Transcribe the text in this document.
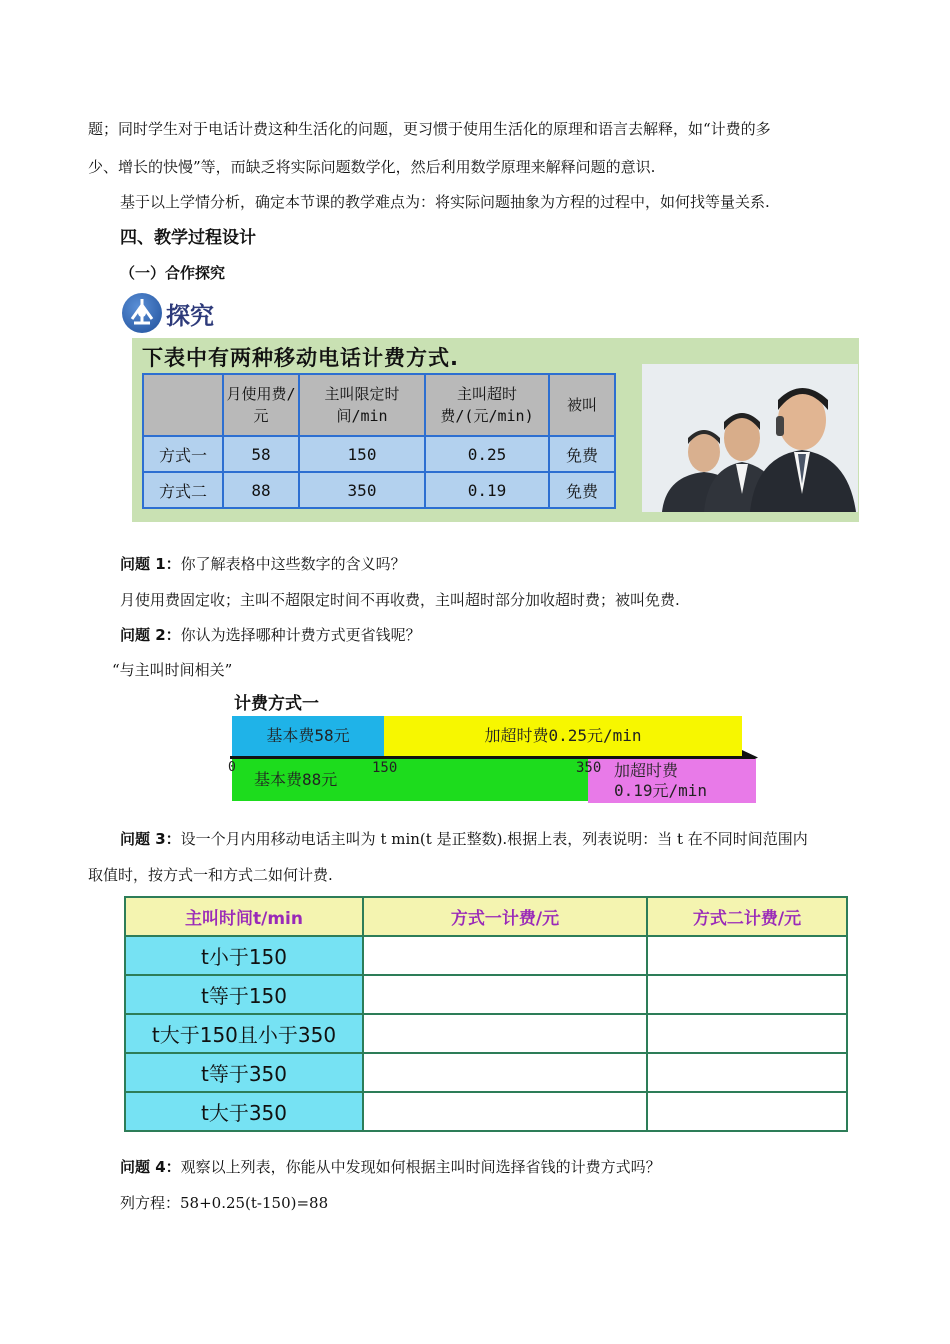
题；同时学生对于电话计费这种生活化的问题，更习惯于使用生活化的原理和语言去解释，如“计费的多
少、增长的快慢”等，而缺乏将实际问题数学化，然后利用数学原理来解释问题的意识.
基于以上学情分析，确定本节课的教学难点为：将实际问题抽象为方程的过程中，如何找等量关系.
四、教学过程设计
（一）合作探究
探究
下表中有两种移动电话计费方式.
	月使用费/元	主叫限定时间/min	主叫超时费/(元/min)	被叫
方式一	58	150	0.25	免费
方式二	88	350	0.19	免费
问题 1：你了解表格中这些数字的含义吗？
月使用费固定收；主叫不超限定时间不再收费，主叫超时部分加收超时费；被叫免费.
问题 2：你认为选择哪种计费方式更省钱呢？
“与主叫时间相关”
计费方式一
基本费58元	加超时费0.25元/min
基本费88元	加超时费
0.19元/min
0	150	350
问题 3：设一个月内用移动电话主叫为 t min(t 是正整数).根据上表，列表说明：当 t 在不同时间范围内
取值时，按方式一和方式二如何计费.
主叫时间t/min	方式一计费/元	方式二计费/元
t小于150		
t等于150		
t大于150且小于350		
t等于350		
t大于350		
问题 4：观察以上列表，你能从中发现如何根据主叫时间选择省钱的计费方式吗？
列方程：58+0.25(t-150)=88
